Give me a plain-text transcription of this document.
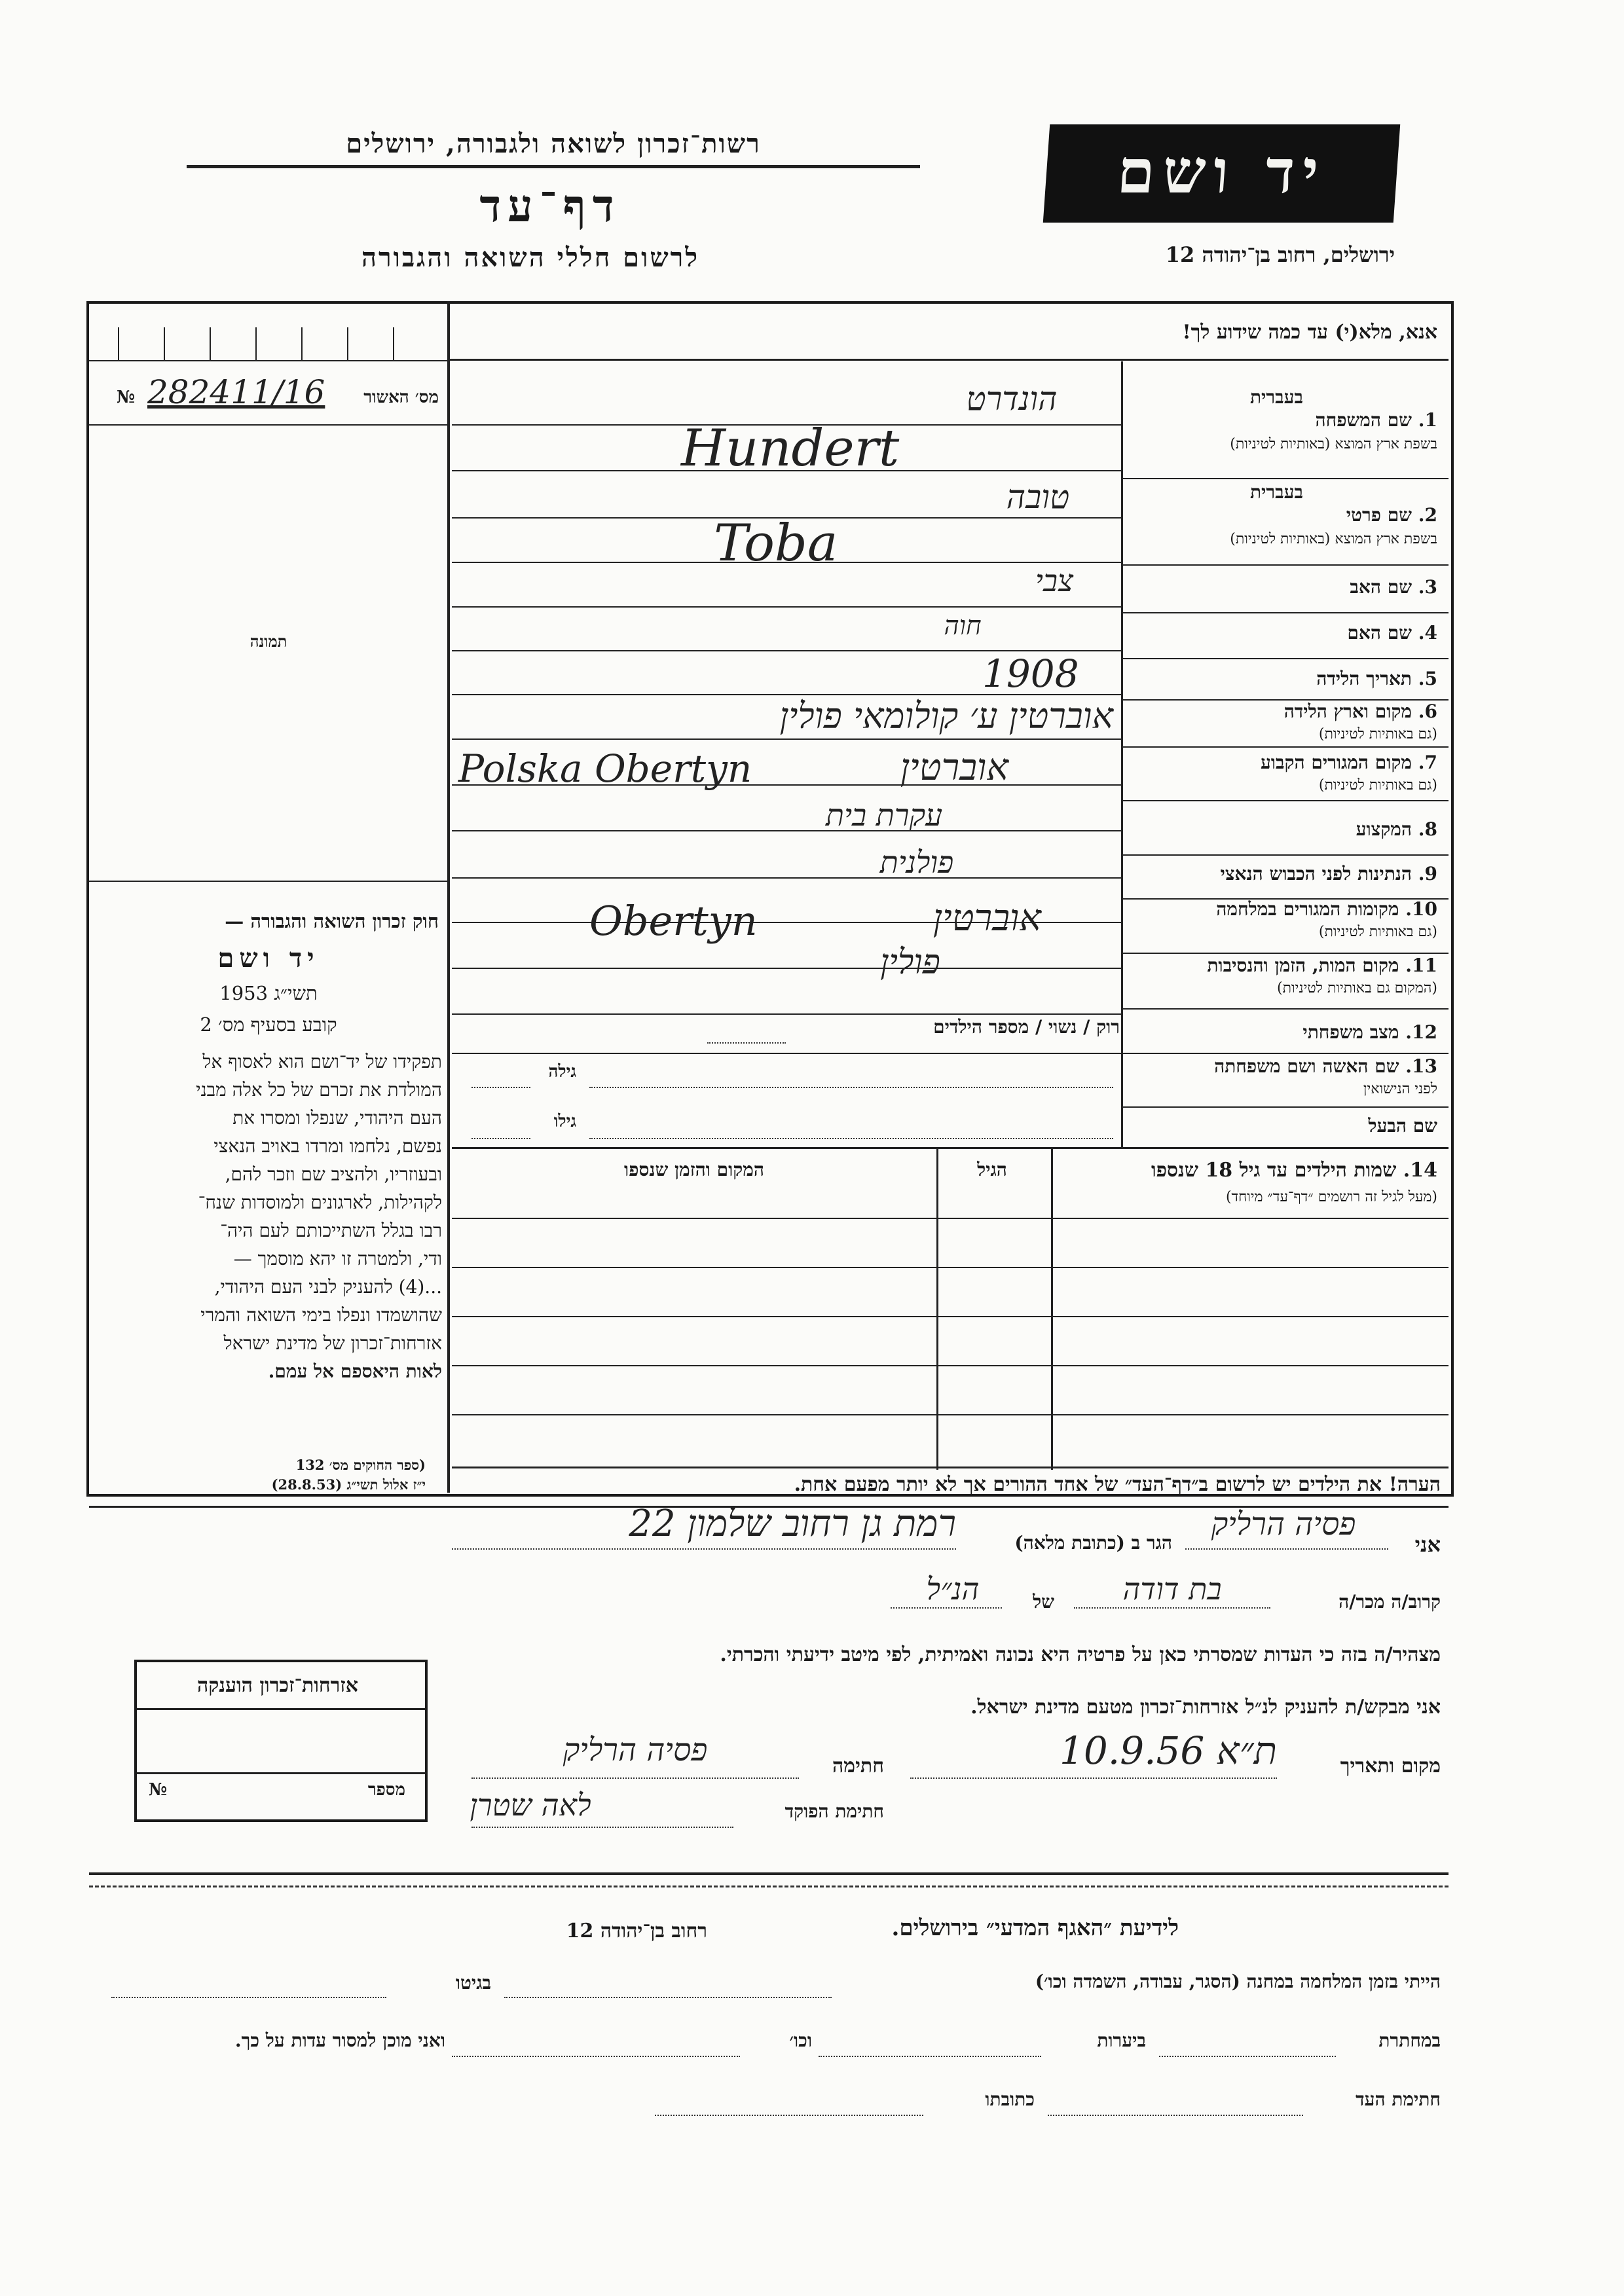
רשות־זכרון לשואה ולגבורה, ירושלים
דף־עד
לרשום חללי השואה והגבורה
יד ושם
ירושלים, רחוב בן־יהודה 12
אנא, מלא(י) עד כמה שידוע לך!
מס׳ האשור
282411/16
№
תמונה
חוק זכרון השואה והגבורה —
יד ושם
תשי״ג 1953
קובע בסעיף מס׳ 2
תפקידו של יד־ושם הוא לאסוף אל
המולדת את זכרם של כל אלה מבני
העם היהודי, שנפלו ומסרו את
נפשם, נלחמו ומרדו באויב הנאצי
ובעוזריו, ולהציב שם וזכר להם,
לקהילות, לארגונים ולמוסדות שנח־
רבו בגלל השתייכותם לעם היה־
ודי, ולמטרה זו יהא מוסמך —
...(4) להעניק לבני העם היהודי,
שהושמדו ונפלו בימי השואה והמרי
אזרחות־זכרון של מדינת ישראל
לאות היאספם אל עמם.
(ספר החוקים מס׳ 132
י״ז אלול תשי״ג (28.8.53)
בעברית
1. שם המשפחה
בשפת ארץ המוצא (באותיות לטיניות)
הונדרט
Hundert
בעברית
2. שם פרטי
בשפת ארץ המוצא (באותיות לטיניות)
טובה
Toba
3. שם האב
צבי
4. שם האם
חוה
5. תאריך הלידה
1908
6. מקום וארץ הלידה
(גם באותיות לטיניות)
אוברטין ע׳ קולומאי פולין
7. מקום המגורים הקבוע
(גם באותיות לטיניות)
Polska Obertyn	אוברטין
8. המקצוע
עקרת בית
9. הנתינות לפני הכבוש הנאצי
פולנית
10. מקומות המגורים במלחמה
(גם באותיות לטיניות)
Obertyn	אוברטין
11. מקום המות, הזמן והנסיבות
(המקום גם באותיות לטיניות)
פולין
12. מצב משפחתי
רוק / נשוי / מספר הילדים
13. שם האשה ושם משפחתה
לפני הנישואין
גילה
שם הבעל
גילו
14. שמות הילדים עד גיל 18 שנספו
(מעל לגיל זה רושמים ״דף־עד״ מיוחד)
הגיל
המקום והזמן שנספו
הערה! את הילדים יש לרשום ב״דף־העד״ של אחד ההורים אך לא יותר מפעם אחת.
אני
פסיה הרליק
הגר ב (כתובת מלאה)
רמת גן רחוב שלמון 22
קרוב/ה מכר/ה
בת דודה
של
הנ״ל
מצהיר/ה בזה כי העדות שמסרתי כאן על פרטיה היא נכונה ואמיתית, לפי מיטב ידיעתי והכרתי.
אני מבקש/ת להעניק לנ״ל אזרחות־זכרון מטעם מדינת ישראל.
מקום ותאריך
ת״א 10.9.56
חתימה
פסיה הרליק
חתימת הפוקד
לאה שטרן
אזרחות־זכרון הוענקה
מספר
№
לידיעת ״האגף המדעי״ בירושלים.
רחוב בן־יהודה 12
הייתי בזמן המלחמה במחנה (הסגר, עבודה, השמדה וכו׳)
בגיטו
במחתרת
ביערות
וכו׳
ואני מוכן למסור עדות על כך.
חתימת העד
כתובתו
